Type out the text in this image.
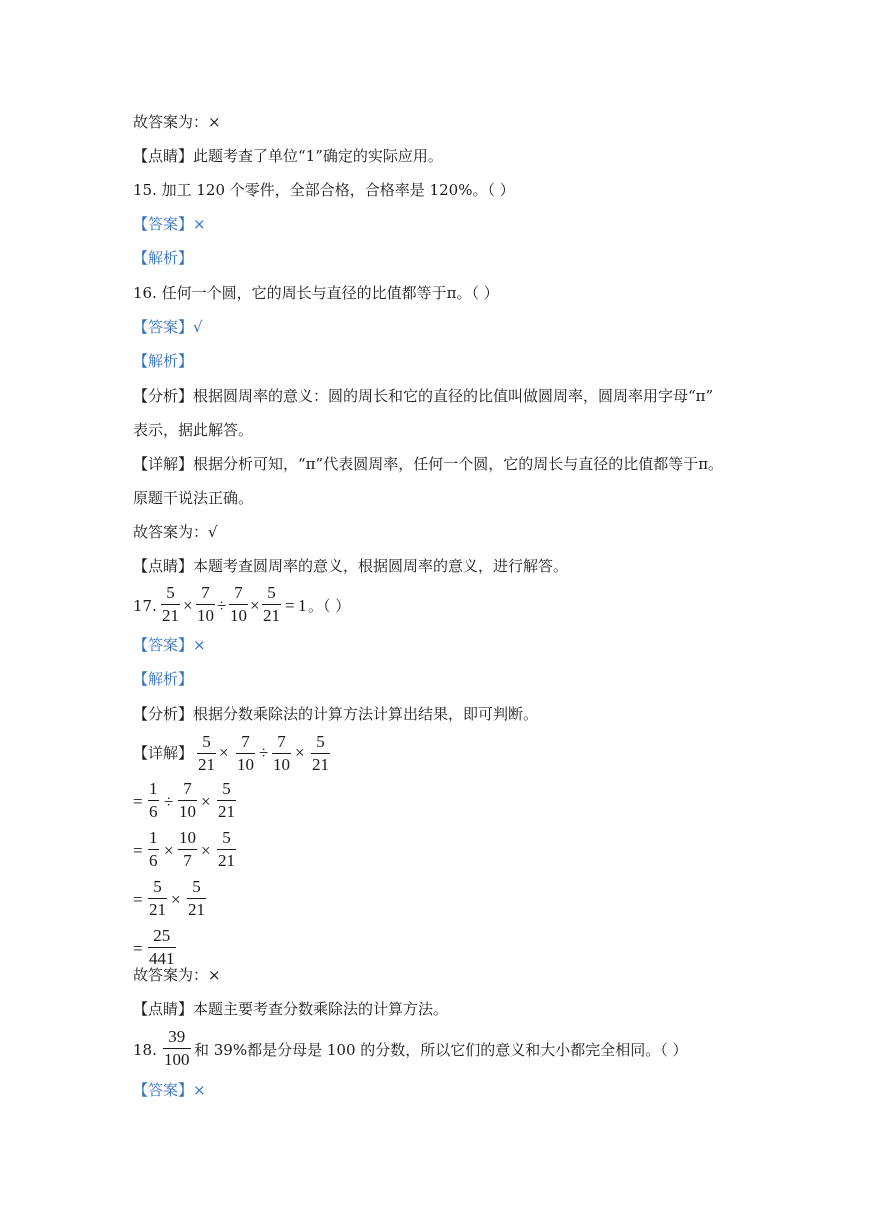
故答案为：×
【点睛】此题考查了单位“1”确定的实际应用。
15. 加工 120 个零件，全部合格，合格率是 120%。（ ）
【答案】×
【解析】
16. 任何一个圆，它的周长与直径的比值都等于π。（ ）
【答案】√
【解析】
【分析】根据圆周率的意义：圆的周长和它的直径的比值叫做圆周率，圆周率用字母“π”
表示，据此解答。
【详解】根据分析可知，“π”代表圆周率，任何一个圆，它的周长与直径的比值都等于π。
原题干说法正确。
故答案为：√
【点睛】本题考查圆周率的意义，根据圆周率的意义，进行解答。
17.
5
21
×
7
10
÷
7
10
×
5
21
= 1 。（ ）
【答案】×
【解析】
【分析】根据分数乘除法的计算方法计算出结果，即可判断。
【详解】
5
21
×
7
10
÷
7
10
×
5
21
=
1
6
÷
7
10
×
5
21
=
1
6
×
10
7
×
5
21
=
5
21
×
5
21
=
25
441
故答案为：×
【点睛】本题主要考查分数乘除法的计算方法。
18.
39
100 和 39%都是分母是 100 的分数，所以它们的意义和大小都完全相同。（ ）
【答案】×
